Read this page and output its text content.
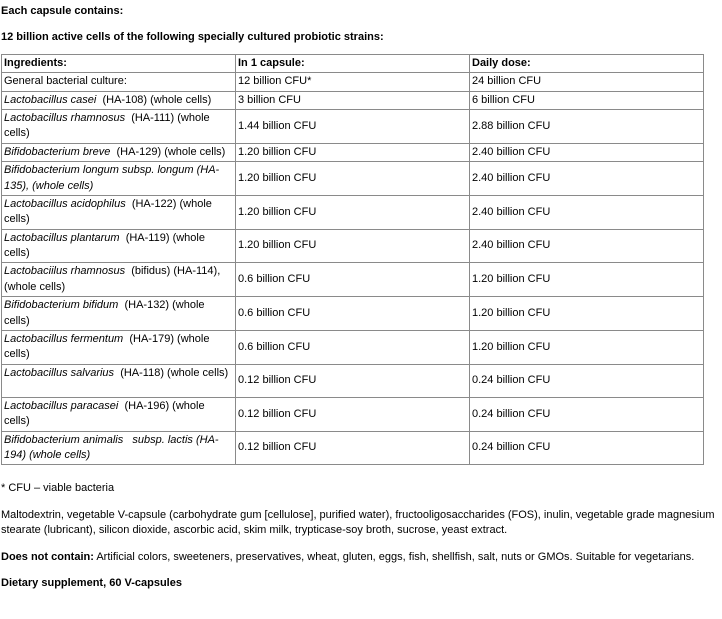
Each capsule contains:

12 billion active cells of the following specially cultured probiotic strains:

Ingredients:	In 1 capsule:	Daily dose:
General bacterial culture:	12 billion CFU*	24 billion CFU
Lactobacillus casei (HA-108) (whole cells)	3 billion CFU	6 billion CFU
Lactobacillus rhamnosus (HA-111) (whole cells)	1.44 billion CFU	2.88 billion CFU
Bifidobacterium breve (HA-129) (whole cells)	1.20 billion CFU	2.40 billion CFU
Bifidobacterium longum subsp. longum (HA-135), (whole cells)	1.20 billion CFU	2.40 billion CFU
Lactobacillus acidophilus (HA-122) (whole cells)	1.20 billion CFU	2.40 billion CFU
Lactobacillus plantarum (HA-119) (whole cells)	1.20 billion CFU	2.40 billion CFU
Lactobaciilus rhamnosus (bifidus) (HA-114), (whole cells)	0.6 billion CFU	1.20 billion CFU
Bifidobacterium bifidum (HA-132) (whole cells)	0.6 billion CFU	1.20 billion CFU
Lactobacillus fermentum (HA-179) (whole cells)	0.6 billion CFU	1.20 billion CFU
Lactobacillus salvarius (HA-118) (whole cells)	0.12 billion CFU	0.24 billion CFU
Lactobacillus paracasei (HA-196) (whole cells)	0.12 billion CFU	0.24 billion CFU
Bifidobacterium animalis subsp. lactis (HA-194) (whole cells)	0.12 billion CFU	0.24 billion CFU

* CFU – viable bacteria

Maltodextrin, vegetable V-capsule (carbohydrate gum [cellulose], purified water), fructooligosaccharides (FOS), inulin, vegetable grade magnesium stearate (lubricant), silicon dioxide, ascorbic acid, skim milk, trypticase-soy broth, sucrose, yeast extract.

Does not contain: Artificial colors, sweeteners, preservatives, wheat, gluten, eggs, fish, shellfish, salt, nuts or GMOs. Suitable for vegetarians.

Dietary supplement, 60 V-capsules
